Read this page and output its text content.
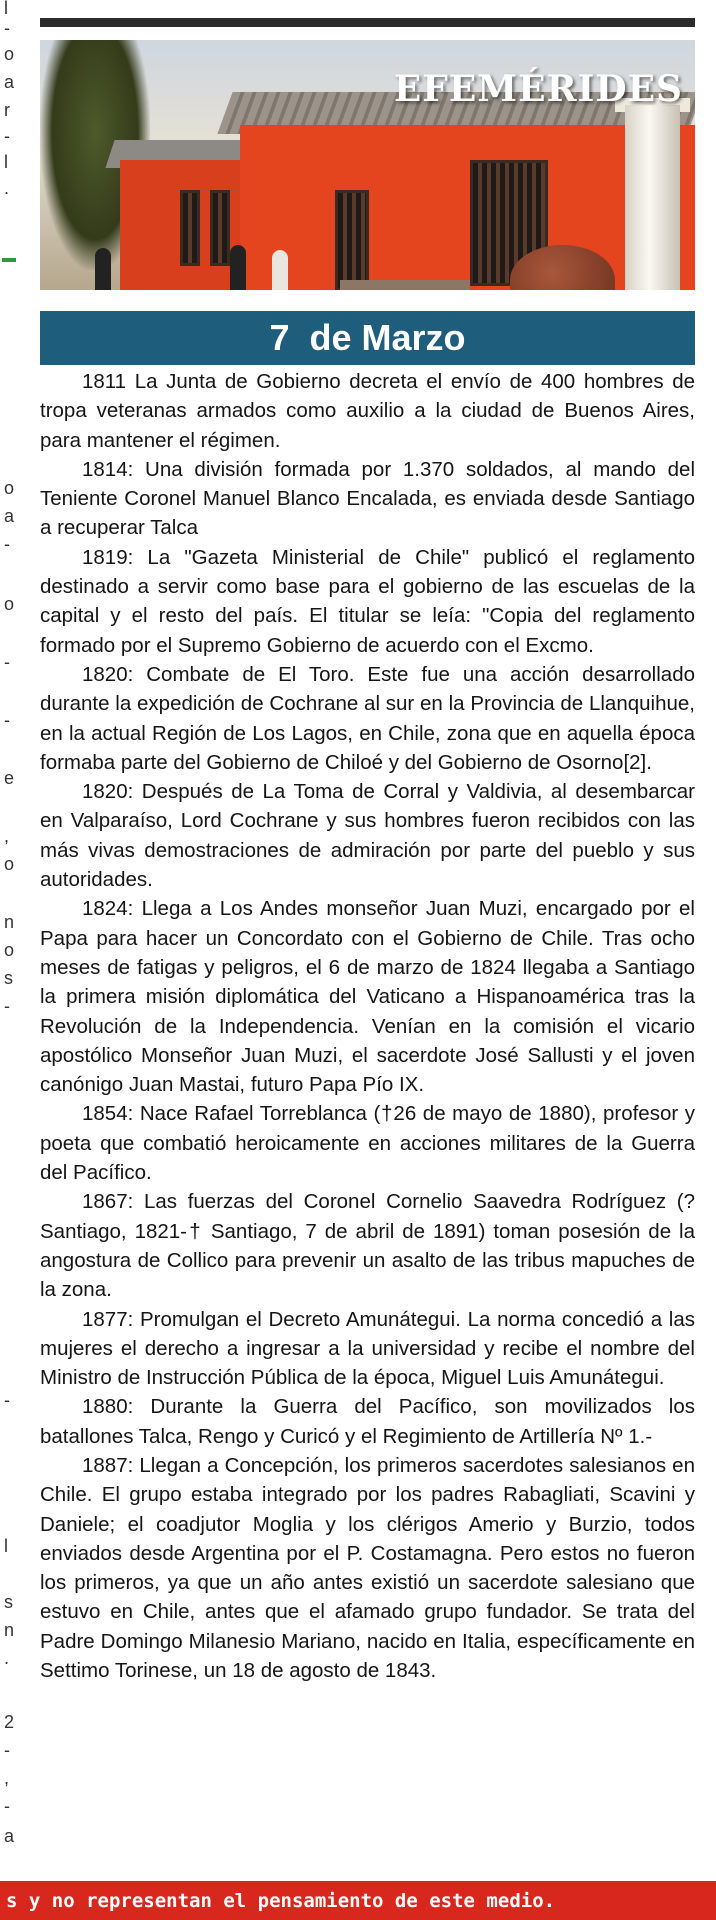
l
-
o
a
r
-
l
.
o
a
-
o
-
-
e
,
o
n
o
s
-
-
l
s
n
.
2
-
,
-
a
EFEMÉRIDES
7  de Marzo

1811 La Junta de Gobierno decreta el envío de 400 hombres de tropa veteranas armados como auxilio a la ciudad de Buenos Aires, para mantener el régimen.

1814: Una división formada por 1.370 soldados, al mando del Teniente Coronel Manuel Blanco Encalada, es enviada desde Santiago a recuperar Talca

1819: La "Gazeta Ministerial de Chile" publicó el reglamento destinado a servir como base para el gobierno de las escuelas de la capital y el resto del país. El titular se leía: "Copia del reglamento formado por el Supremo Gobierno de acuerdo con el Excmo.

1820: Combate de El Toro. Este fue una acción desarrollado durante la expedición de Cochrane al sur en la Provincia de Llanquihue, en la actual Región de Los Lagos, en Chile, zona que en aquella época formaba parte del Gobierno de Chiloé y del Gobierno de Osorno[2].

1820: Después de La Toma de Corral y Valdivia, al desembarcar en Valparaíso, Lord Cochrane y sus hombres fueron recibidos con las más vivas demostraciones de admiración por parte del pueblo y sus autoridades.

1824: Llega a Los Andes monseñor Juan Muzi, encargado por el Papa para hacer un Concordato con el Gobierno de Chile. Tras ocho meses de fatigas y peligros, el 6 de marzo de 1824 llegaba a Santiago la primera misión diplomática del Vaticano a Hispanoamérica tras la Revolución de la Independencia. Venían en la comisión el vicario apostólico Monseñor Juan Muzi, el sacerdote José Sallusti y el joven canónigo Juan Mastai, futuro Papa Pío IX.

1854: Nace Rafael Torreblanca (†26 de mayo de 1880), profesor y poeta que combatió heroicamente en acciones militares de la Guerra del Pacífico.

1867: Las fuerzas del Coronel Cornelio Saavedra Rodríguez (? Santiago, 1821-† Santiago, 7 de abril de 1891) toman posesión de la angostura de Collico para prevenir un asalto de las tribus mapuches de la zona.

1877: Promulgan el Decreto Amunátegui. La norma concedió a las mujeres el derecho a ingresar a la universidad y recibe el nombre del Ministro de Instrucción Pública de la época, Miguel Luis Amunátegui.

1880: Durante la Guerra del Pacífico, son movilizados los batallones Talca, Rengo y Curicó y el Regimiento de Artillería Nº 1.-

1887: Llegan a Concepción, los primeros sacerdotes salesianos en Chile. El grupo estaba integrado por los padres Rabagliati, Scavini y Daniele; el coadjutor Moglia y los clérigos Amerio y Burzio, todos enviados desde Argentina por el P. Costamagna. Pero estos no fueron los primeros, ya que un año antes existió un sacerdote salesiano que estuvo en Chile, antes que el afamado grupo fundador. Se trata del Padre Domingo Milanesio Mariano, nacido en Italia, específicamente en Settimo Torinese, un 18 de agosto de 1843.

s y no representan el pensamiento de este medio.
